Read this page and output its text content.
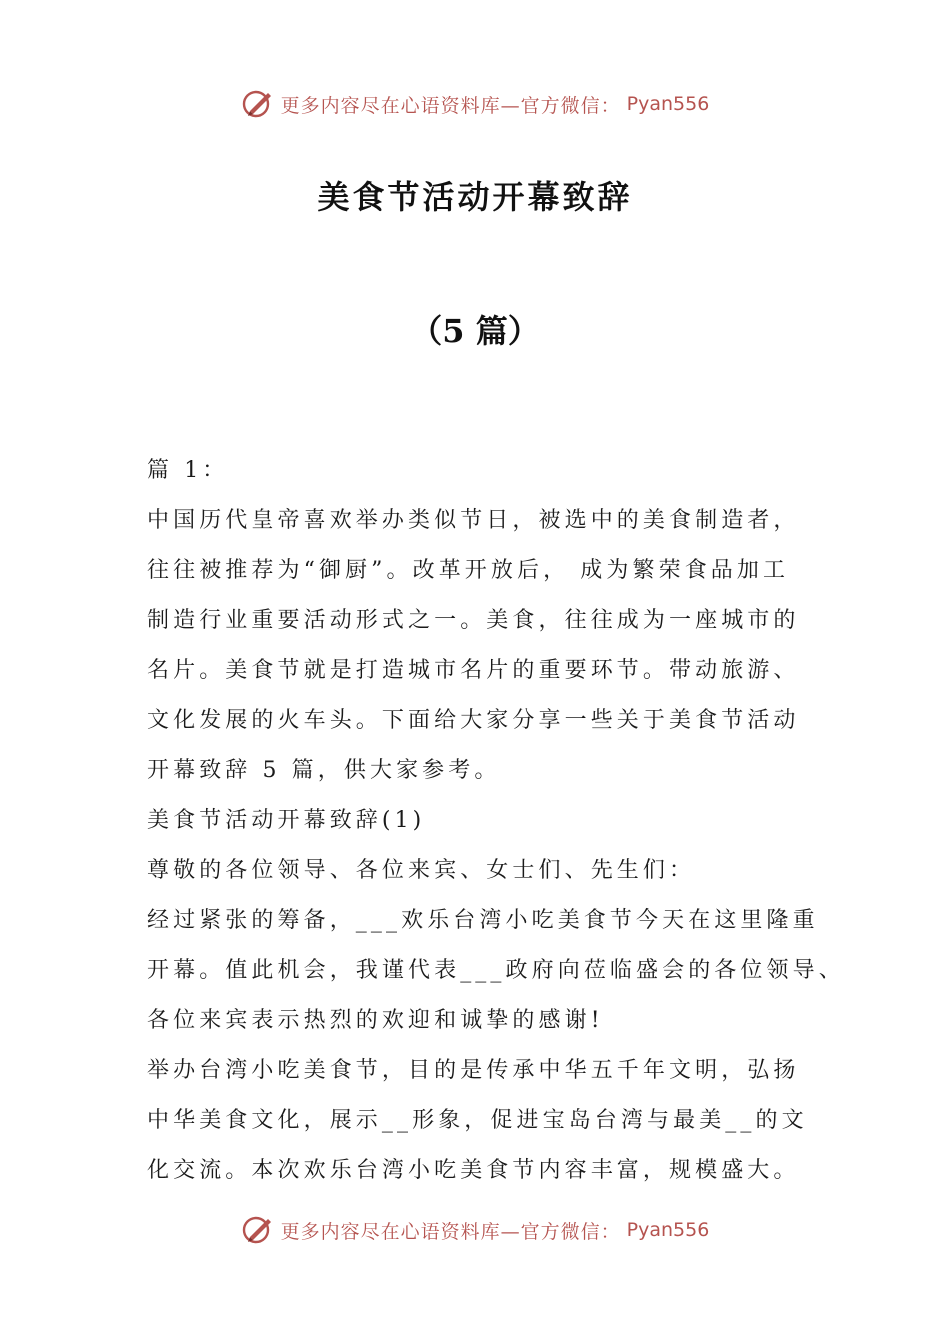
更多内容尽在心语资料库—官方微信： Pyan556
美食节活动开幕致辞
（5 篇）
篇 1：
中国历代皇帝喜欢举办类似节日，被选中的美食制造者，
往往被推荐为“御厨”。改革开放后， 成为繁荣食品加工
制造行业重要活动形式之一。美食，往往成为一座城市的
名片。美食节就是打造城市名片的重要环节。带动旅游、
文化发展的火车头。下面给大家分享一些关于美食节活动
开幕致辞 5 篇，供大家参考。
美食节活动开幕致辞(1)
尊敬的各位领导、各位来宾、女士们、先生们：
经过紧张的筹备，___欢乐台湾小吃美食节今天在这里隆重
开幕。值此机会，我谨代表___政府向莅临盛会的各位领导、
各位来宾表示热烈的欢迎和诚挚的感谢!
举办台湾小吃美食节，目的是传承中华五千年文明，弘扬
中华美食文化，展示__形象，促进宝岛台湾与最美__的文
化交流。本次欢乐台湾小吃美食节内容丰富，规模盛大。
更多内容尽在心语资料库—官方微信： Pyan556
